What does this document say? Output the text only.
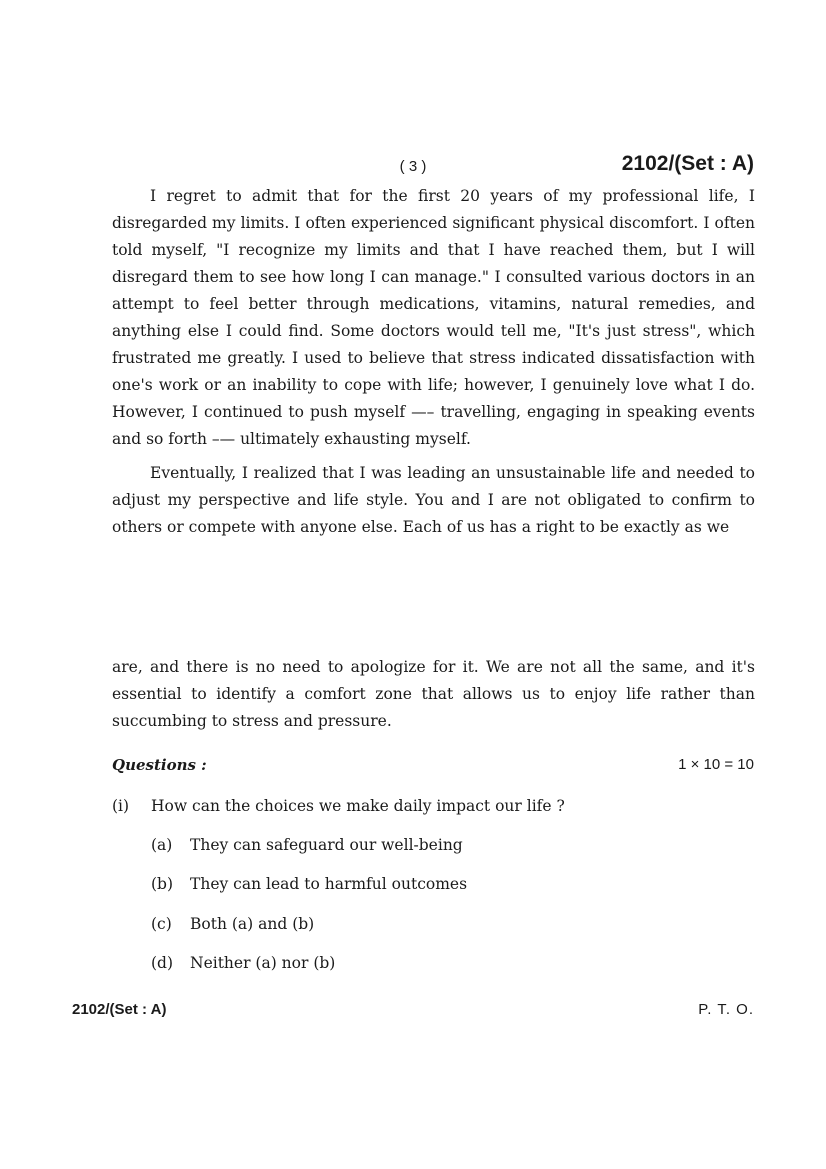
( 3 )	2102/(Set : A)

I regret to admit that for the first 20 years of my professional life, I disregarded my limits. I often experienced significant physical discomfort. I often told myself, "I recognize my limits and that I have reached them, but I will disregard them to see how long I can manage." I consulted various doctors in an attempt to feel better through medications, vitamins, natural remedies, and anything else I could find. Some doctors would tell me, "It's just stress", which frustrated me greatly. I used to believe that stress indicated dissatisfaction with one's work or an inability to cope with life; however, I genuinely love what I do. However, I continued to push myself —– travelling, engaging in speaking events and so forth –— ultimately exhausting myself.

Eventually, I realized that I was leading an unsustainable life and needed to adjust my perspective and life style. You and I are not obligated to confirm to others or compete with anyone else. Each of us has a right to be exactly as we

are, and there is no need to apologize for it. We are not all the same, and it's essential to identify a comfort zone that allows us to enjoy life rather than succumbing to stress and pressure.

Questions :	1 × 10 = 10
(i) How can the choices we make daily impact our life ?
(a) They can safeguard our well-being
(b) They can lead to harmful outcomes
(c) Both (a) and (b)
(d) Neither (a) nor (b)
2102/(Set : A)	P. T. O.
